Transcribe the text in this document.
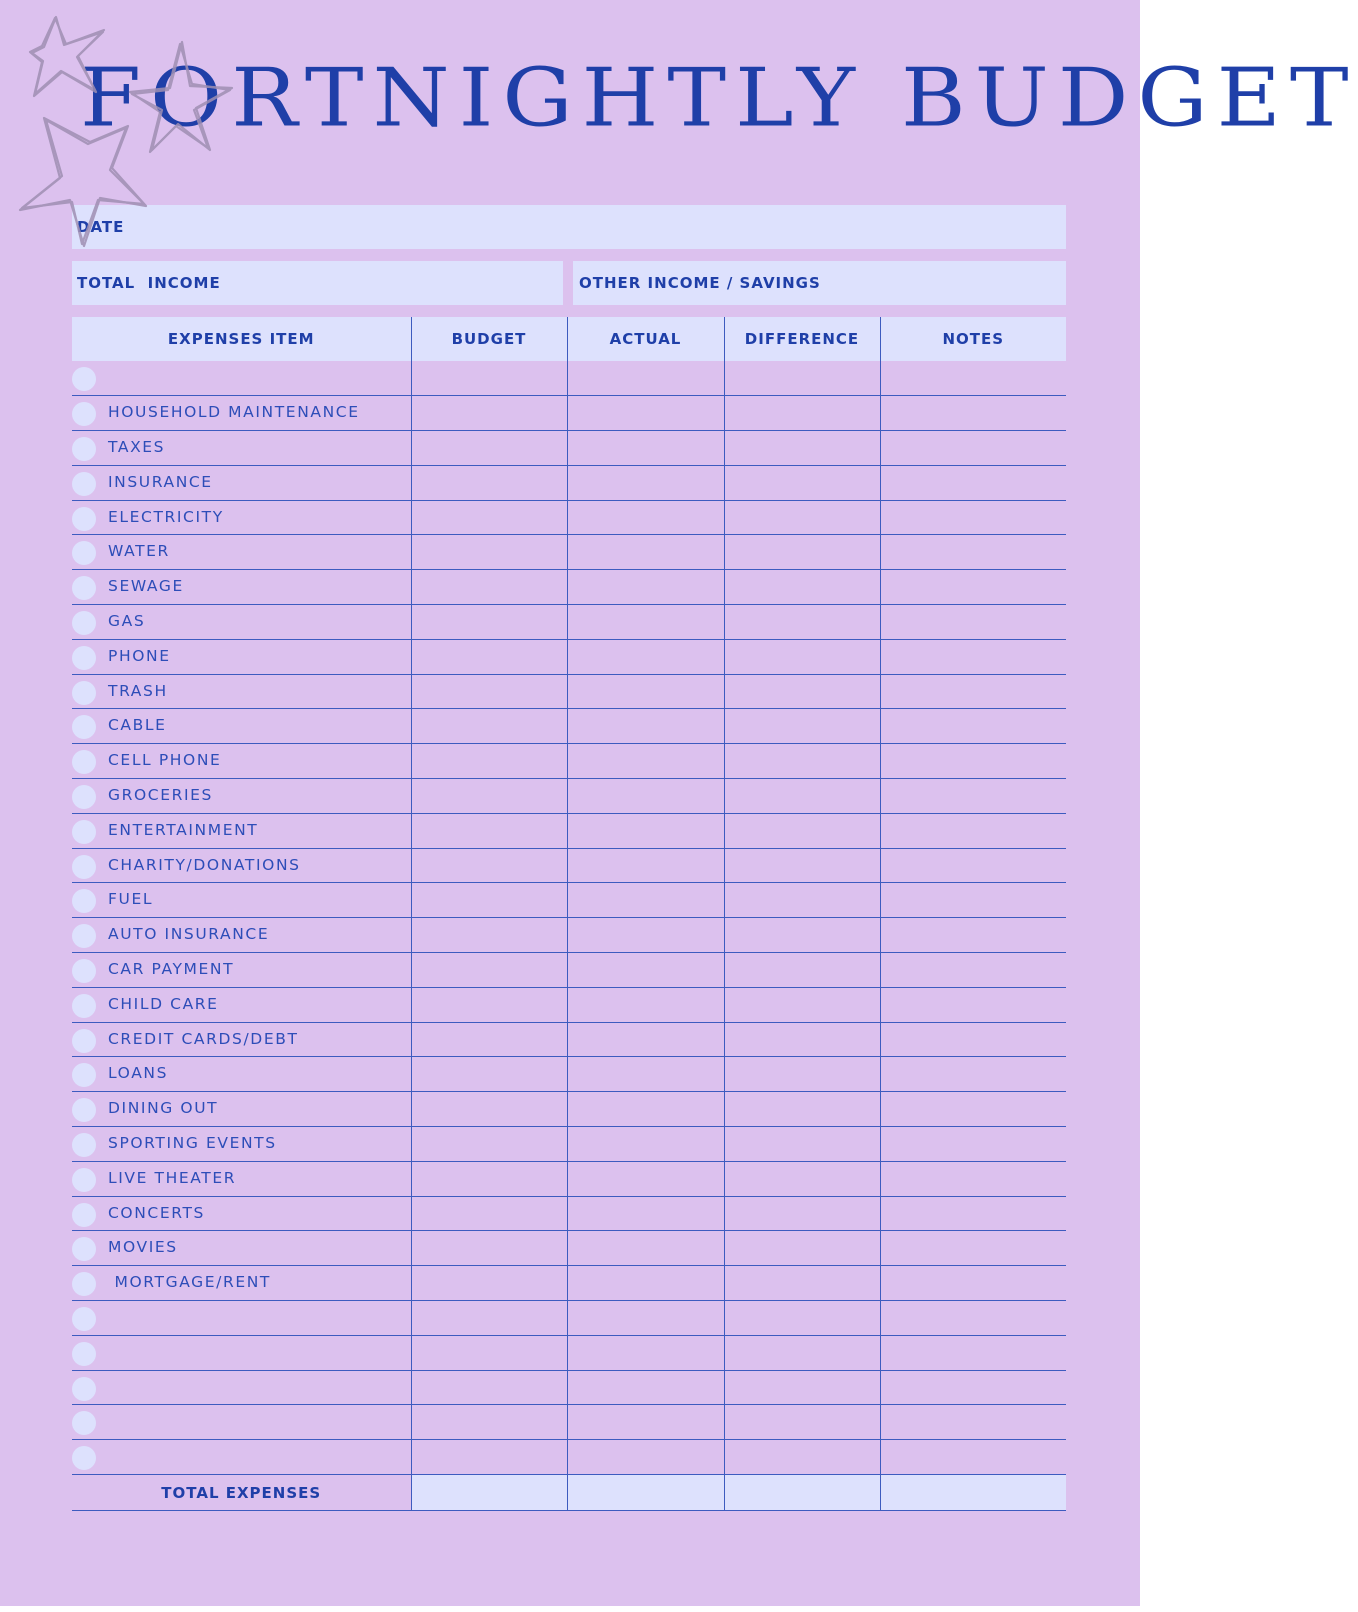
FORTNIGHTLY BUDGET
DATE
TOTAL  INCOME	OTHER INCOME / SAVINGS
EXPENSES ITEM	BUDGET	ACTUAL	DIFFERENCE	NOTES

HOUSEHOLD MAINTENANCE				

TAXES				

INSURANCE				

ELECTRICITY				

WATER				

SEWAGE				

GAS				

PHONE				

TRASH				

CABLE				

CELL PHONE				

GROCERIES				

ENTERTAINMENT				

CHARITY/DONATIONS				

FUEL				

AUTO INSURANCE				

CAR PAYMENT				

CHILD CARE				

CREDIT CARDS/DEBT				

LOANS				

DINING OUT				

SPORTING EVENTS				

LIVE THEATER				

CONCERTS				

MOVIES				

MORTGAGE/RENT				

TOTAL EXPENSES				
